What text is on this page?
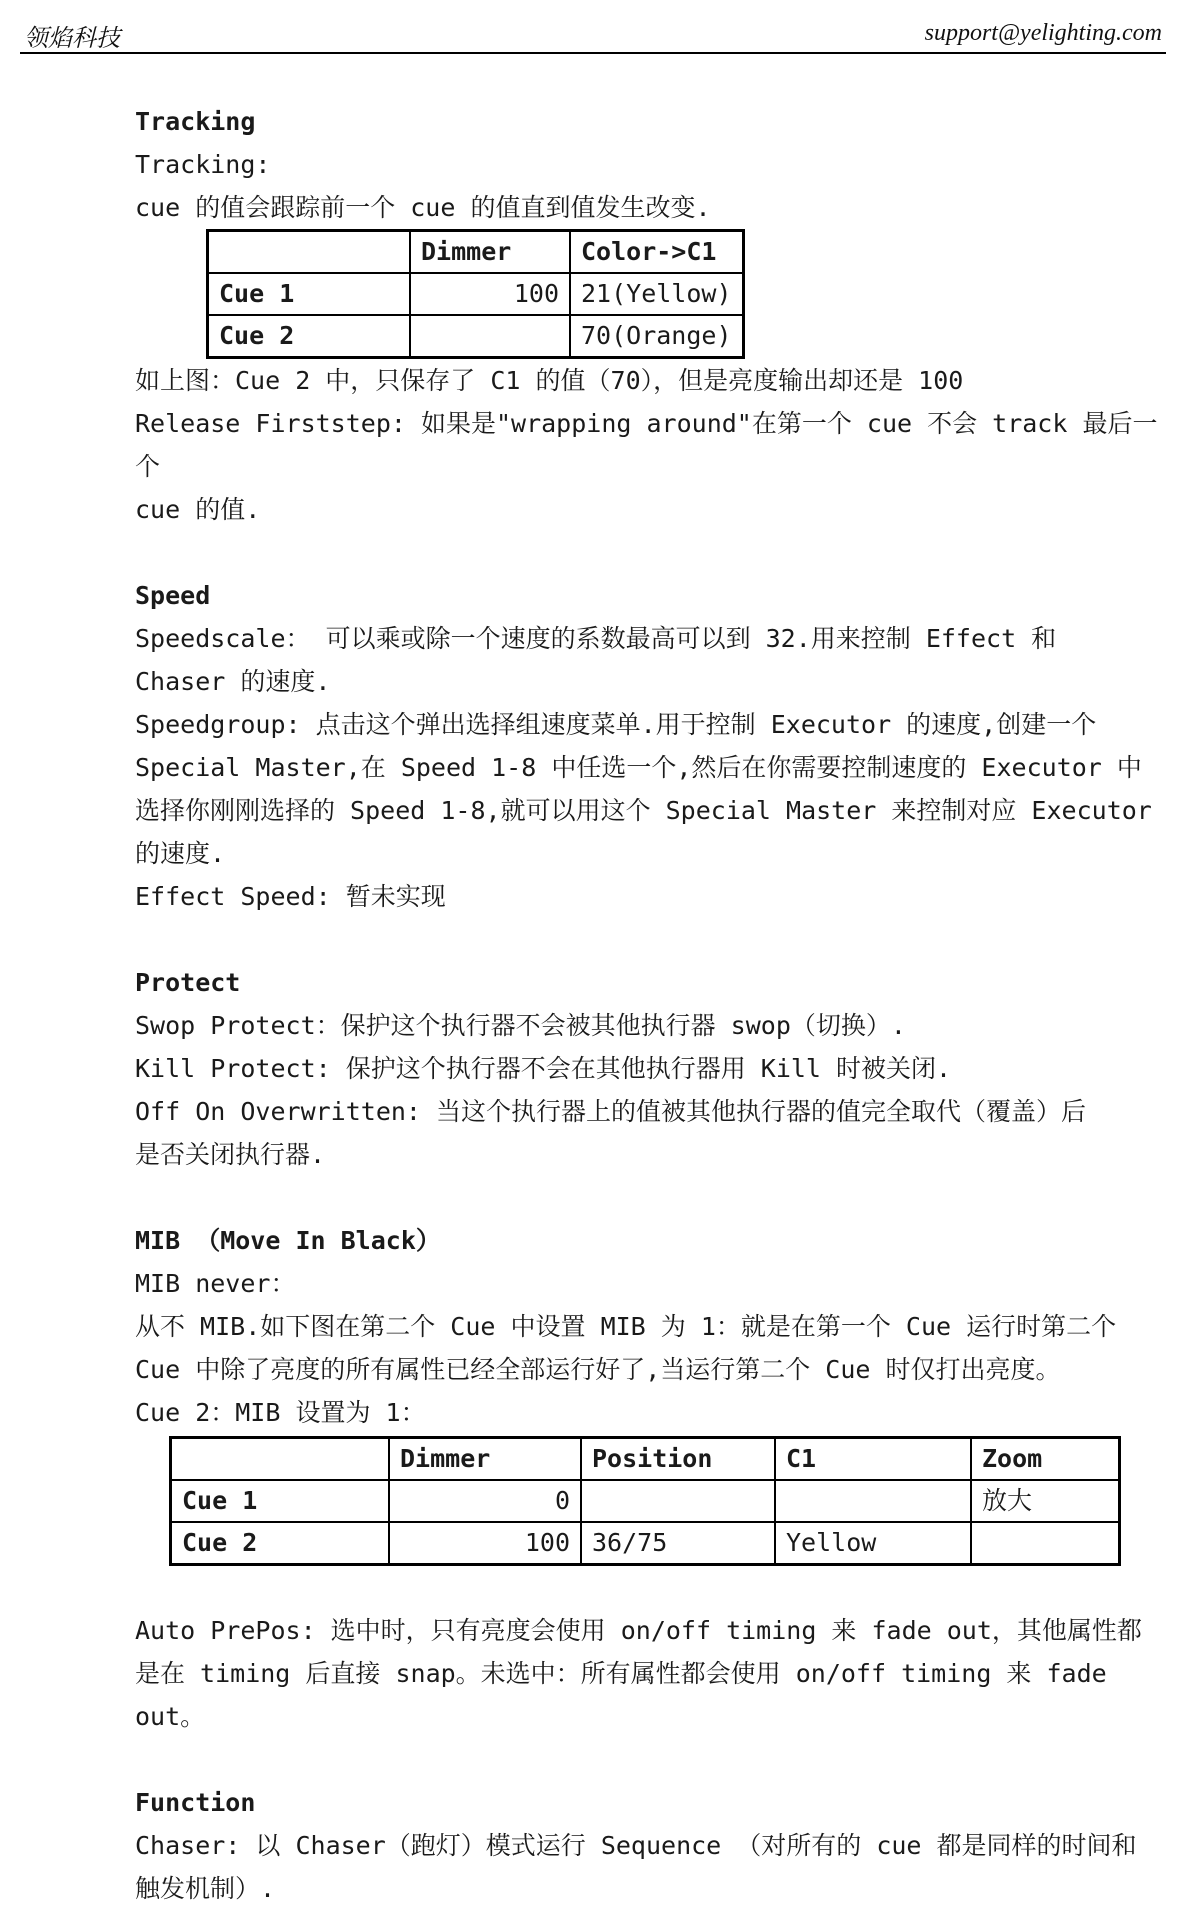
领焰科技	support@yelighting.com

Tracking

Tracking:

cue 的值会跟踪前一个 cue 的值直到值发生改变.

	Dimmer	Color->C1
Cue 1	100	21(Yellow)
Cue 2		70(Orange)

如上图：Cue 2 中，只保存了 C1 的值（70），但是亮度输出却还是 100

Release Firststep: 如果是"wrapping around"在第一个 cue 不会 track 最后一个

cue 的值.

Speed

Speedscale： 可以乘或除一个速度的系数最高可以到 32.用来控制 Effect 和

Chaser 的速度.

Speedgroup: 点击这个弹出选择组速度菜单.用于控制 Executor 的速度,创建一个

Special Master,在 Speed 1-8 中任选一个,然后在你需要控制速度的 Executor 中

选择你刚刚选择的 Speed 1-8,就可以用这个 Special Master 来控制对应 Executor

的速度.

Effect Speed: 暂未实现

Protect

Swop Protect：保护这个执行器不会被其他执行器 swop（切换）.

Kill Protect: 保护这个执行器不会在其他执行器用 Kill 时被关闭.

Off On Overwritten: 当这个执行器上的值被其他执行器的值完全取代（覆盖）后

是否关闭执行器.

MIB （Move In Black）

MIB never：

从不 MIB.如下图在第二个 Cue 中设置 MIB 为 1：就是在第一个 Cue 运行时第二个

Cue 中除了亮度的所有属性已经全部运行好了,当运行第二个 Cue 时仅打出亮度。

Cue 2：MIB 设置为 1：

	Dimmer	Position	C1	Zoom
Cue 1	0			放大
Cue 2	100	36/75	Yellow	

Auto PrePos: 选中时，只有亮度会使用 on/off timing 来 fade out，其他属性都

是在 timing 后直接 snap。未选中：所有属性都会使用 on/off timing 来 fade out。

Function

Chaser: 以 Chaser（跑灯）模式运行 Sequence （对所有的 cue 都是同样的时间和

触发机制）.
